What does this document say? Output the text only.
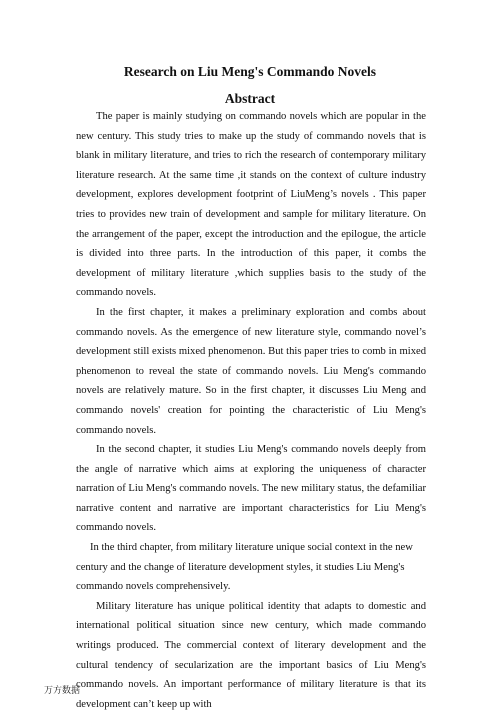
Research on Liu Meng's Commando Novels
Abstract

The paper is mainly studying on commando novels which are popular in the new century. This study tries to make up the study of commando novels that is blank in military literature, and tries to rich the research of contemporary military literature research. At the same time ,it stands on the context of culture industry development, explores development footprint of LiuMeng’s novels . This paper tries to provides new train of development and sample for military literature. On the arrangement of the paper, except the introduction and the epilogue, the article is divided into three parts. In the introduction of this paper, it combs the development of military literature ,which supplies basis to the study of the commando novels.

In the first chapter, it makes a preliminary exploration and combs about commando novels. As the emergence of new literature style, commando novel’s development still exists mixed phenomenon. But this paper tries to comb in mixed phenomenon to reveal the state of commando novels. Liu Meng's commando novels are relatively mature. So in the first chapter, it discusses Liu Meng and commando novels' creation for pointing the characteristic of Liu Meng's commando novels.

In the second chapter, it studies Liu Meng's commando novels deeply from the angle of narrative which aims at exploring the uniqueness of character narration of Liu Meng's commando novels. The new military status, the defamiliar narrative content and narrative are important characteristics for Liu Meng's commando novels.

In the third chapter, from military literature unique social context in the new century and the change of literature development styles, it studies Liu Meng's commando novels comprehensively.

Military literature has unique political identity that adapts to domestic and international political situation since new century, which made commando writings produced. The commercial context of literary development and the cultural tendency of secularization are the important basics of Liu Meng's commando novels. An important performance of military literature is that its development can’t keep up with

万方数据
